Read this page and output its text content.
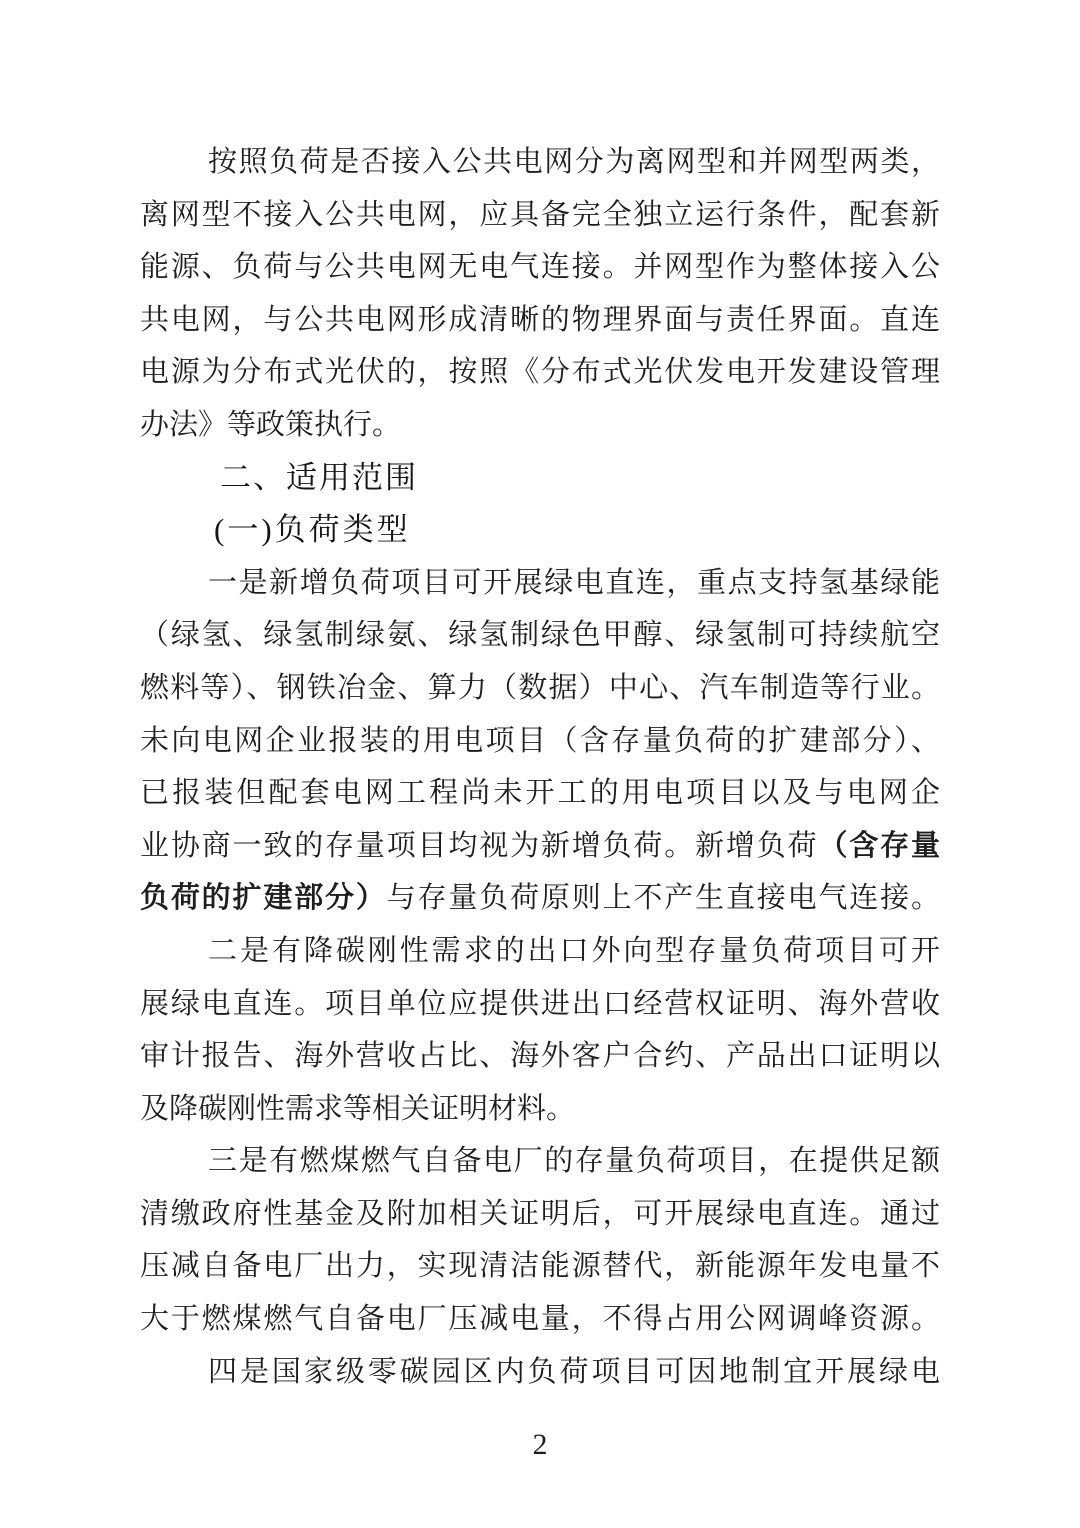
按照负荷是否接入公共电网分为离网型和并网型两类，
离网型不接入公共电网，应具备完全独立运行条件，配套新
能源、负荷与公共电网无电气连接。并网型作为整体接入公
共电网，与公共电网形成清晰的物理界面与责任界面。直连
电源为分布式光伏的，按照《分布式光伏发电开发建设管理
办法》等政策执行。
二、适用范围
(一)负荷类型
一是新增负荷项目可开展绿电直连，重点支持氢基绿能
（绿氢、绿氢制绿氨、绿氢制绿色甲醇、绿氢制可持续航空
燃料等）、钢铁冶金、算力（数据）中心、汽车制造等行业。
未向电网企业报装的用电项目（含存量负荷的扩建部分）、
已报装但配套电网工程尚未开工的用电项目以及与电网企
业协商一致的存量项目均视为新增负荷。新增负荷（含存量
负荷的扩建部分）与存量负荷原则上不产生直接电气连接。
二是有降碳刚性需求的出口外向型存量负荷项目可开
展绿电直连。项目单位应提供进出口经营权证明、海外营收
审计报告、海外营收占比、海外客户合约、产品出口证明以
及降碳刚性需求等相关证明材料。
三是有燃煤燃气自备电厂的存量负荷项目，在提供足额
清缴政府性基金及附加相关证明后，可开展绿电直连。通过
压减自备电厂出力，实现清洁能源替代，新能源年发电量不
大于燃煤燃气自备电厂压减电量，不得占用公网调峰资源。
四是国家级零碳园区内负荷项目可因地制宜开展绿电
2
